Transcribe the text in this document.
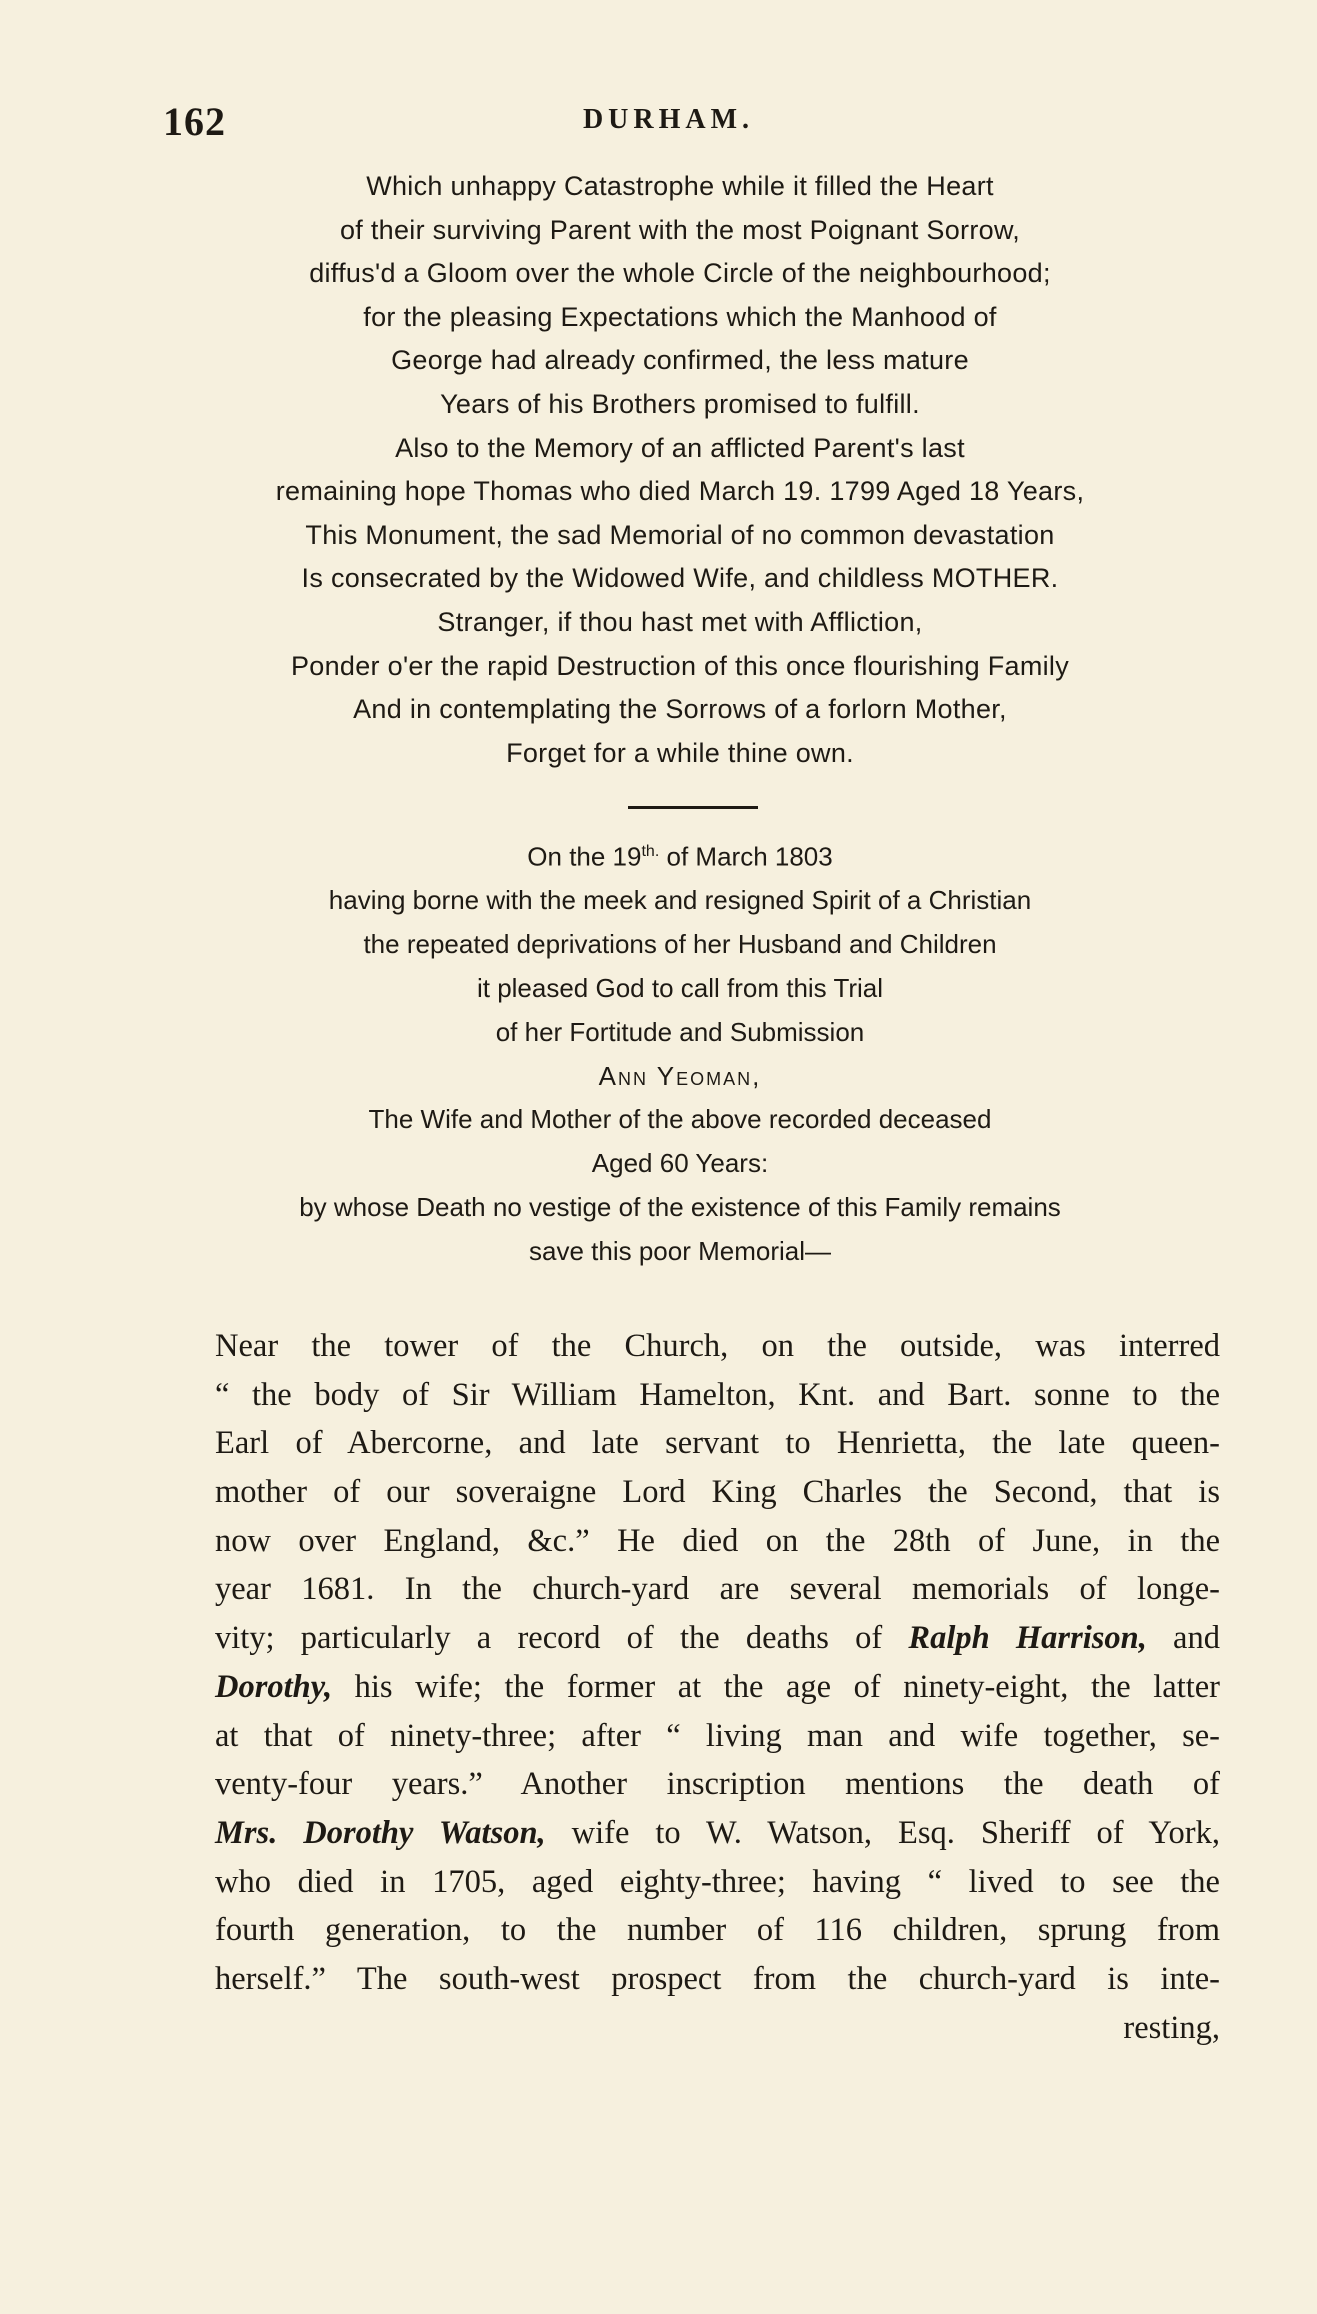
162	DURHAM.
Which unhappy Catastrophe while it filled the Heart
of their surviving Parent with the most Poignant Sorrow,
diffus'd a Gloom over the whole Circle of the neighbourhood;
for the pleasing Expectations which the Manhood of
George had already confirmed, the less mature
Years of his Brothers promised to fulfill.
Also to the Memory of an afflicted Parent's last
remaining hope Thomas who died March 19. 1799 Aged 18 Years,
This Monument, the sad Memorial of no common devastation
Is consecrated by the Widowed Wife, and childless MOTHER.
Stranger, if thou hast met with Affliction,
Ponder o'er the rapid Destruction of this once flourishing Family
And in contemplating the Sorrows of a forlorn Mother,
Forget for a while thine own.
On the $19^{th.}$ of March 1803
having borne with the meek and resigned Spirit of a Christian
the repeated deprivations of her Husband and Children
it pleased God to call from this Trial
of her Fortitude and Submission
Ann Yeoman,
The Wife and Mother of the above recorded deceased
Aged 60 Years:
by whose Death no vestige of the existence of this Family remains
save this poor Memorial—
Near the tower of the Church, on the outside, was interred
“ the body of Sir William Hamelton, Knt. and Bart. sonne to the
Earl of Abercorne, and late servant to Henrietta, the late queen-
mother of our soveraigne Lord King Charles the Second, that is
now over England, &c.” He died on the 28th of June, in the
year 1681. In the church-yard are several memorials of longe-
vity; particularly a record of the deaths of Ralph Harrison, and
Dorothy, his wife; the former at the age of ninety-eight, the latter
at that of ninety-three; after “ living man and wife together, se-
venty-four years.” Another inscription mentions the death of
Mrs. Dorothy Watson, wife to W. Watson, Esq. Sheriff of York,
who died in 1705, aged eighty-three; having “ lived to see the
fourth generation, to the number of 116 children, sprung from
herself.” The south-west prospect from the church-yard is inte-
resting,
